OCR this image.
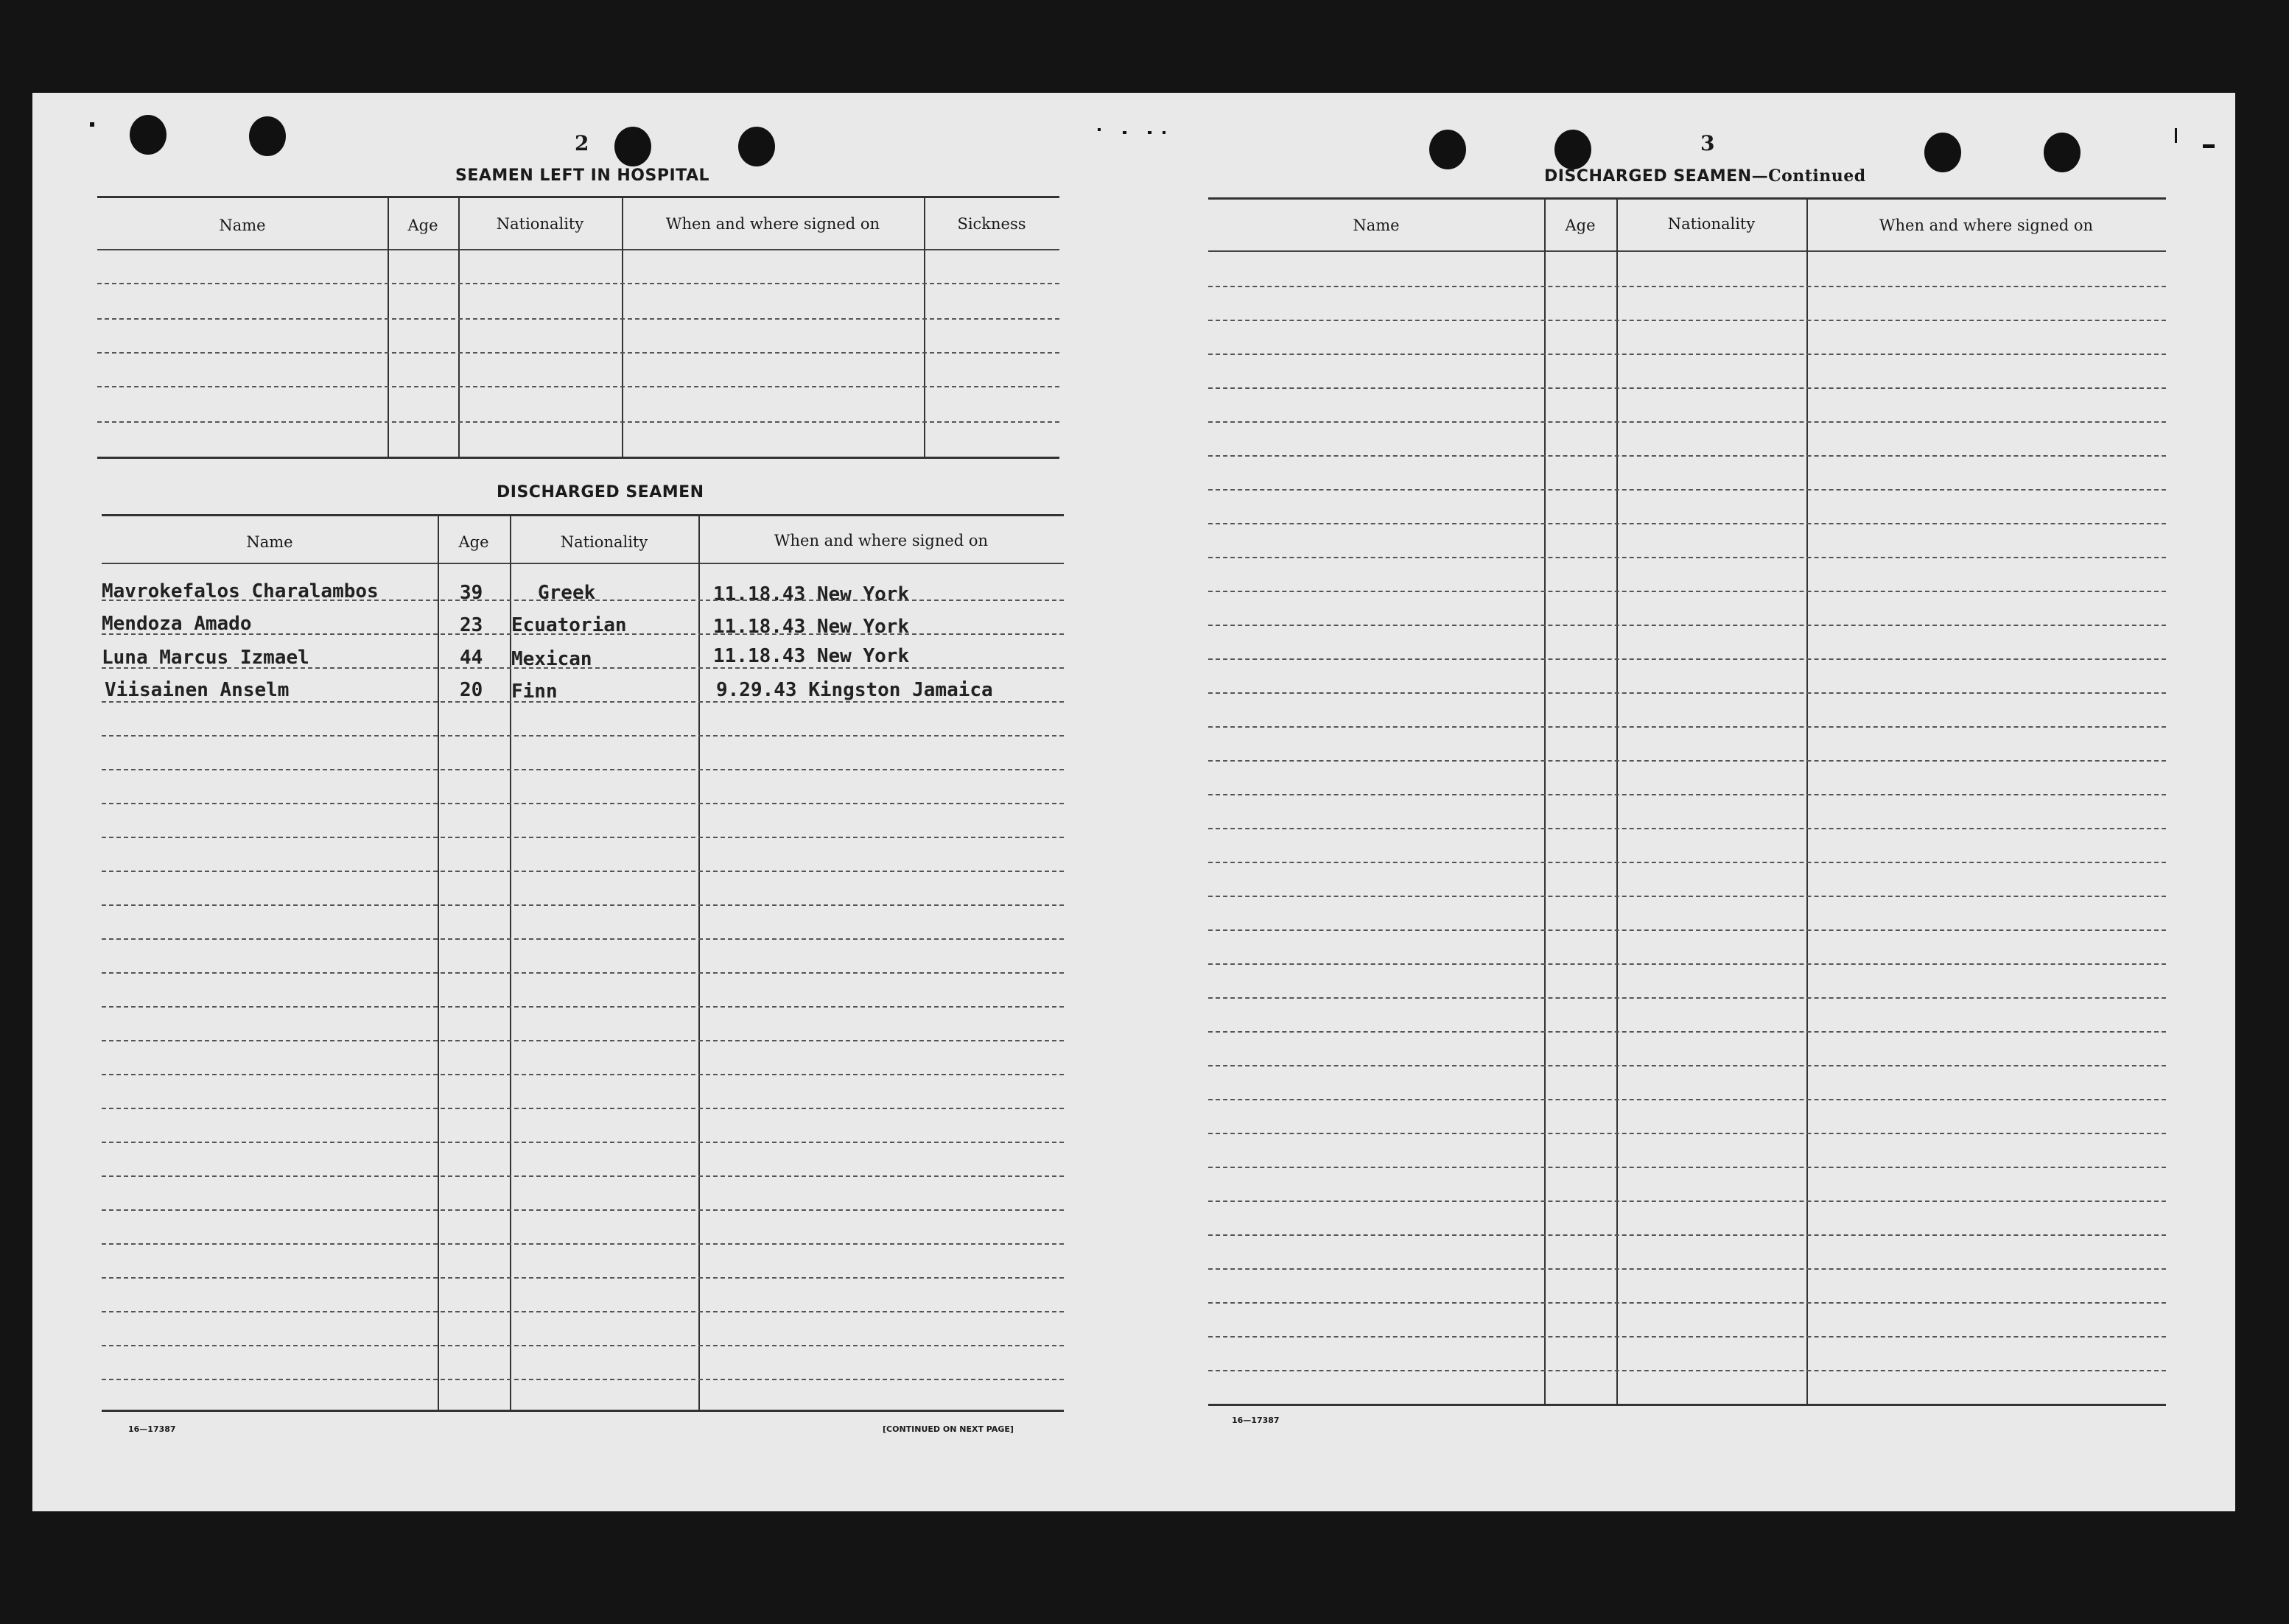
2
SEAMEN LEFT IN HOSPITAL
Name	Age	Nationality	When and where signed on	Sickness
DISCHARGED SEAMEN
Name	Age	Nationality	When and where signed on
Mavrokefalos Charalambos	39	Greek	11.18.43 New York
Mendoza Amado	23 Ecuatorian	11.18.43 New York
Luna Marcus Izmael	44 Mexican	11.18.43 New York
Viisainen Anselm	20 Finn	9.29.43 Kingston Jamaica
16—17387	[CONTINUED ON NEXT PAGE]
3
DISCHARGED SEAMEN—Continued
Name	Age	Nationality	When and where signed on
16—17387
